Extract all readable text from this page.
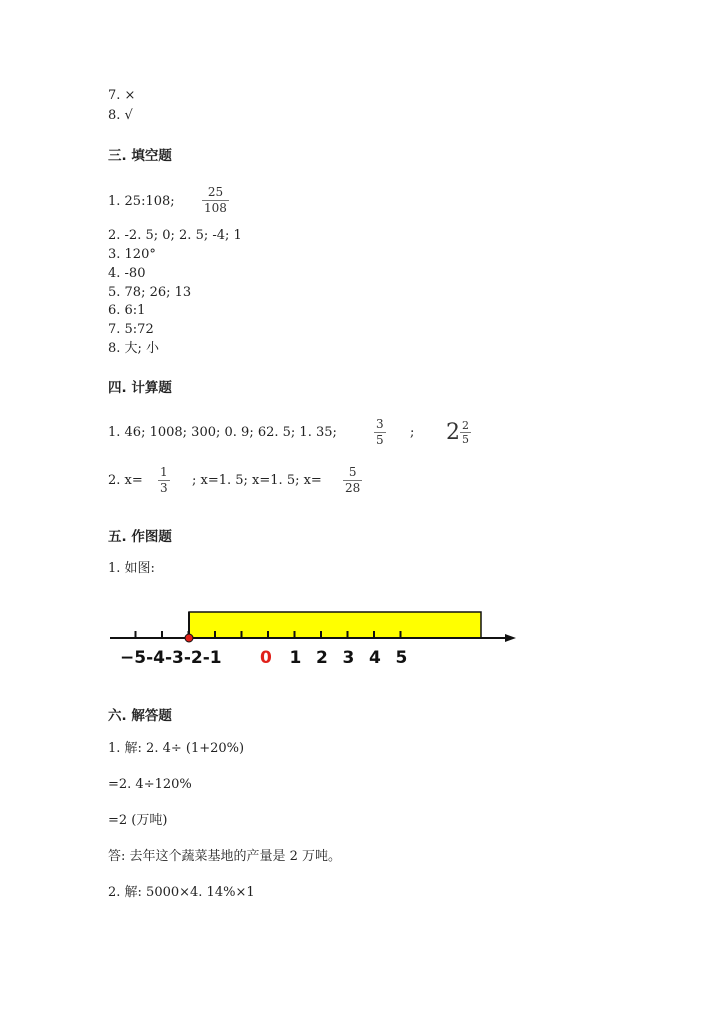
7. ×
8. √
三. 填空题
1. 25:108;
25
108
2. -2. 5; 0; 2. 5; -4; 1
3. 120°
4. -80
5. 78; 26; 13
6. 6:1
7. 5:72
8. 大; 小
四. 计算题
1. 46; 1008; 300; 0. 9; 62. 5; 1. 35;
3
5 ; $2 \frac{2}{5}$
2. x=
1
3 ; x=1. 5; x=1. 5; x=
5
28
五. 作图题
1. 如图:
−5-4-3-2-1 0 1 2 3 4 5
六. 解答题
1. 解: 2. 4÷ (1+20%)
=2. 4÷120%
=2 (万吨)
答: 去年这个蔬菜基地的产量是 2 万吨。
2. 解: 5000×4. 14%×1
